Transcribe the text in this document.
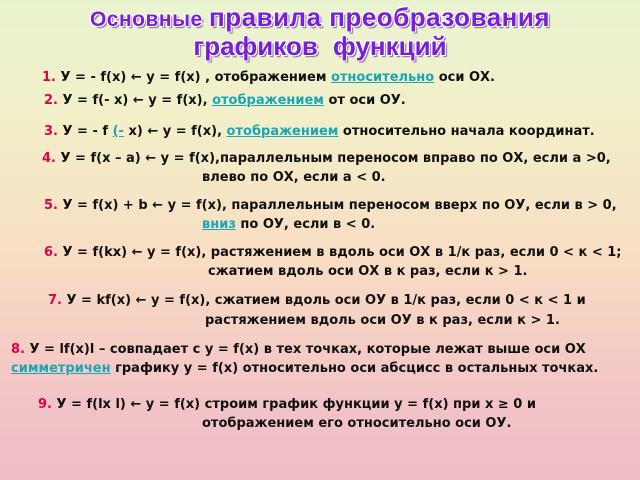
Основные правила преобразования
графиков функций
1. У = - f(x) ← y = f(x) , отображением относительно оси ОХ.
2. У = f(- x) ← y = f(x), отображением от оси ОУ.
3. У = - f (- x) ← y = f(x), отображением относительно начала координат.
4. У = f(x – a) ← y = f(x),параллельным переносом вправо по ОХ, если а >0,
влево по ОХ, если а < 0.
5. У = f(x) + b ← y = f(x), параллельным переносом вверх по ОУ, если в > 0,
вниз по ОУ, если в < 0.
6. У = f(kx) ← y = f(x), растяжением в вдоль оси ОХ в 1/к раз, если 0 < к < 1;
сжатием вдоль оси ОХ в к раз, если к > 1.
7. У = kf(x) ← y = f(x), сжатием вдоль оси ОУ в 1/к раз, если 0 < к < 1 и
растяжением вдоль оси ОУ в к раз, если к > 1.
8. У = lf(x)l – совпадает с у = f(x) в тех точках, которые лежат выше оси ОХ
симметричен графику у = f(x) относительно оси абсцисс в остальных точках.
9. У = f(lx l) ← y = f(x) строим график функции у = f(x) при x ≥ 0 и
отображением его относительно оси ОУ.
